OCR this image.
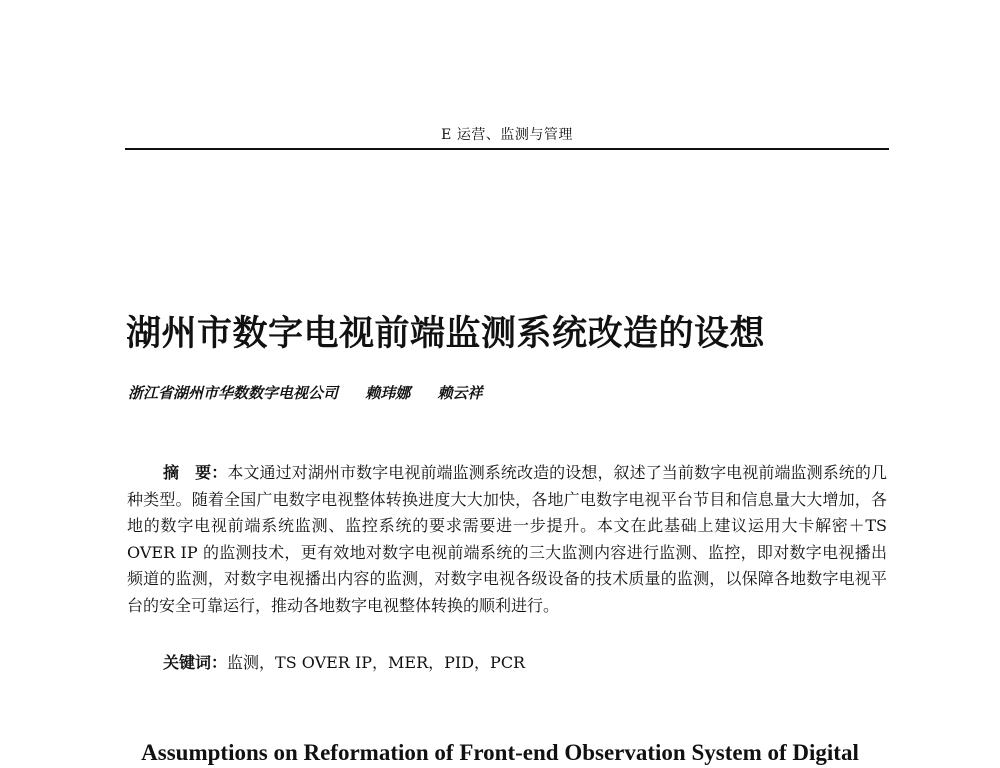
E 运营、监测与管理
湖州市数字电视前端监测系统改造的设想
浙江省湖州市华数数字电视公司 赖玮娜 赖云祥

摘　要：本文通过对湖州市数字电视前端监测系统改造的设想，叙述了当前数字电视前端监测系统的几种类型。随着全国广电数字电视整体转换进度大大加快，各地广电数字电视平台节目和信息量大大增加，各地的数字电视前端系统监测、监控系统的要求需要进一步提升。本文在此基础上建议运用大卡解密＋TS OVER IP 的监测技术，更有效地对数字电视前端系统的三大监测内容进行监测、监控，即对数字电视播出频道的监测，对数字电视播出内容的监测，对数字电视各级设备的技术质量的监测，以保障各地数字电视平台的安全可靠运行，推动各地数字电视整体转换的顺利进行。

关键词：监测，TS OVER IP，MER，PID，PCR

Assumptions on Reformation of Front-end Observation System of Digital
